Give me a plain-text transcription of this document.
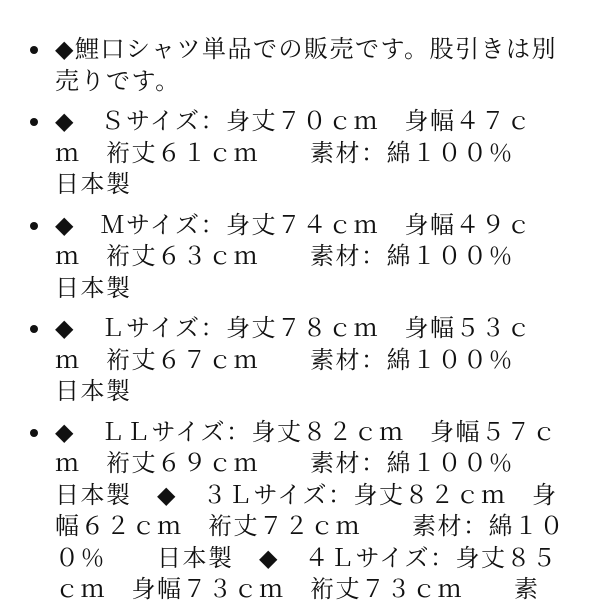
◆鯉口シャツ単品での販売です。股引きは別
売りです。
◆　Ｓサイズ：身丈７０ｃｍ　身幅４７ｃ
ｍ　裄丈６１ｃｍ　　素材：綿１００％
日本製
◆　Ｍサイズ：身丈７４ｃｍ　身幅４９ｃ
ｍ　裄丈６３ｃｍ　　素材：綿１００％
日本製
◆　Ｌサイズ：身丈７８ｃｍ　身幅５３ｃ
ｍ　裄丈６７ｃｍ　　素材：綿１００％
日本製
◆　ＬＬサイズ：身丈８２ｃｍ　身幅５７ｃ
ｍ　裄丈６９ｃｍ　　素材：綿１００％
日本製　◆　３Ｌサイズ：身丈８２ｃｍ　身
幅６２ｃｍ　裄丈７２ｃｍ　　素材：綿１０
０％　　日本製　◆　４Ｌサイズ：身丈８５
ｃｍ　身幅７３ｃｍ　裄丈７３ｃｍ　　素
